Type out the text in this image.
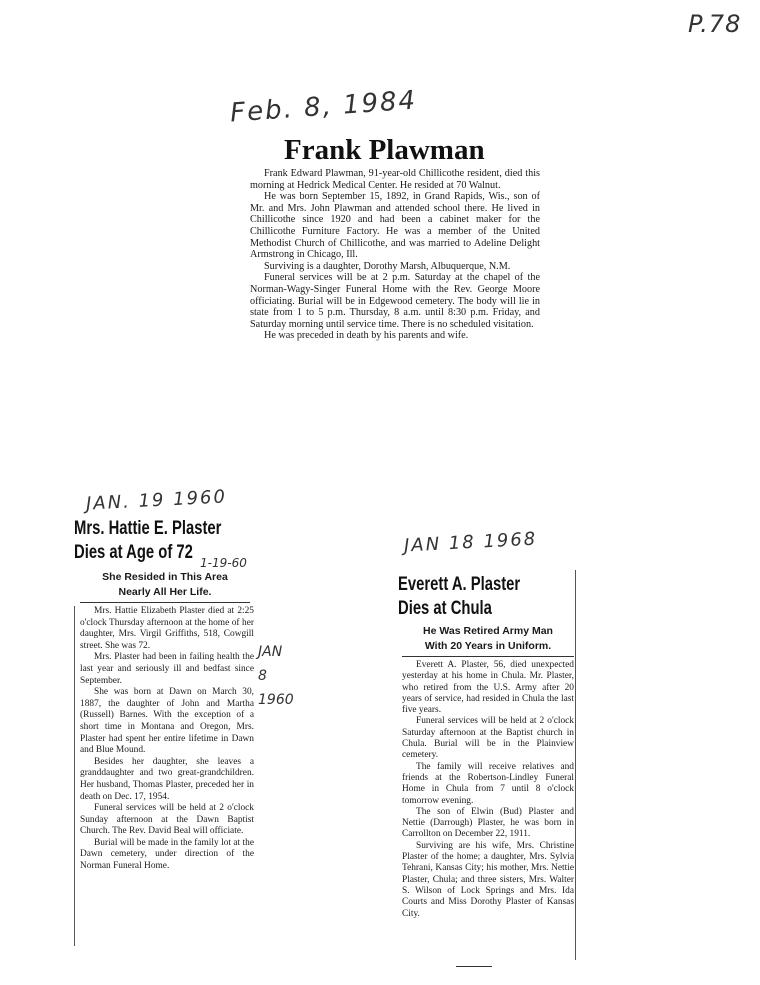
P.78
Feb. 8, 1984
Frank Plawman

Frank Edward Plawman, 91-year-old Chillicothe resident, died this morning at Hedrick Medical Center. He resided at 70 Walnut.

He was born September 15, 1892, in Grand Rapids, Wis., son of Mr. and Mrs. John Plawman and attended school there. He lived in Chillicothe since 1920 and had been a cabinet maker for the Chillicothe Furniture Factory. He was a member of the United Methodist Church of Chillicothe, and was married to Adeline Delight Armstrong in Chicago, Ill.

Surviving is a daughter, Dorothy Marsh, Albuquerque, N.M.

Funeral services will be at 2 p.m. Saturday at the chapel of the Norman-Wagy-Singer Funeral Home with the Rev. George Moore officiating. Burial will be in Edgewood cemetery. The body will lie in state from 1 to 5 p.m. Thursday, 8 a.m. until 8:30 p.m. Friday, and Saturday morning until service time. There is no scheduled visitation.

He was preceded in death by his parents and wife.

JAN. 19 1960
Mrs. Hattie E. Plaster
Dies at Age of 72 1-19-60
She Resided in This Area
Nearly All Her Life.

Mrs. Hattie Elizabeth Plaster died at 2:25 o'clock Thursday afternoon at the home of her daughter, Mrs. Virgil Griffiths, 518, Cowgill street. She was 72.

Mrs. Plaster had been in failing health the last year and seriously ill and bedfast since September.

She was born at Dawn on March 30, 1887, the daughter of John and Martha (Russell) Barnes. With the exception of a short time in Montana and Oregon, Mrs. Plaster had spent her entire lifetime in Dawn and Blue Mound.

Besides her daughter, she leaves a granddaughter and two great-grandchildren. Her husband, Thomas Plaster, preceded her in death on Dec. 17, 1954.

Funeral services will be held at 2 o'clock Sunday afternoon at the Dawn Baptist Church. The Rev. David Beal will officiate.

Burial will be made in the family lot at the Dawn cemetery, under direction of the Norman Funeral Home.

JAN 8 1960
JAN 18 1968
Everett A. Plaster
Dies at Chula
He Was Retired Army Man
With 20 Years in Uniform.

Everett A. Plaster, 56, died unexpected yesterday at his home in Chula. Mr. Plaster, who retired from the U.S. Army after 20 years of service, had resided in Chula the last five years.

Funeral services will be held at 2 o'clock Saturday afternoon at the Baptist church in Chula. Burial will be in the Plainview cemetery.

The family will receive relatives and friends at the Robertson-Lindley Funeral Home in Chula from 7 until 8 o'clock tomorrow evening.

The son of Elwin (Bud) Plaster and Nettie (Darrough) Plaster, he was born in Carrollton on December 22, 1911.

Surviving are his wife, Mrs. Christine Plaster of the home; a daughter, Mrs. Sylvia Tehrani, Kansas City; his mother, Mrs. Nettie Plaster, Chula; and three sisters, Mrs. Walter S. Wilson of Lock Springs and Mrs. Ida Courts and Miss Dorothy Plaster of Kansas City.
